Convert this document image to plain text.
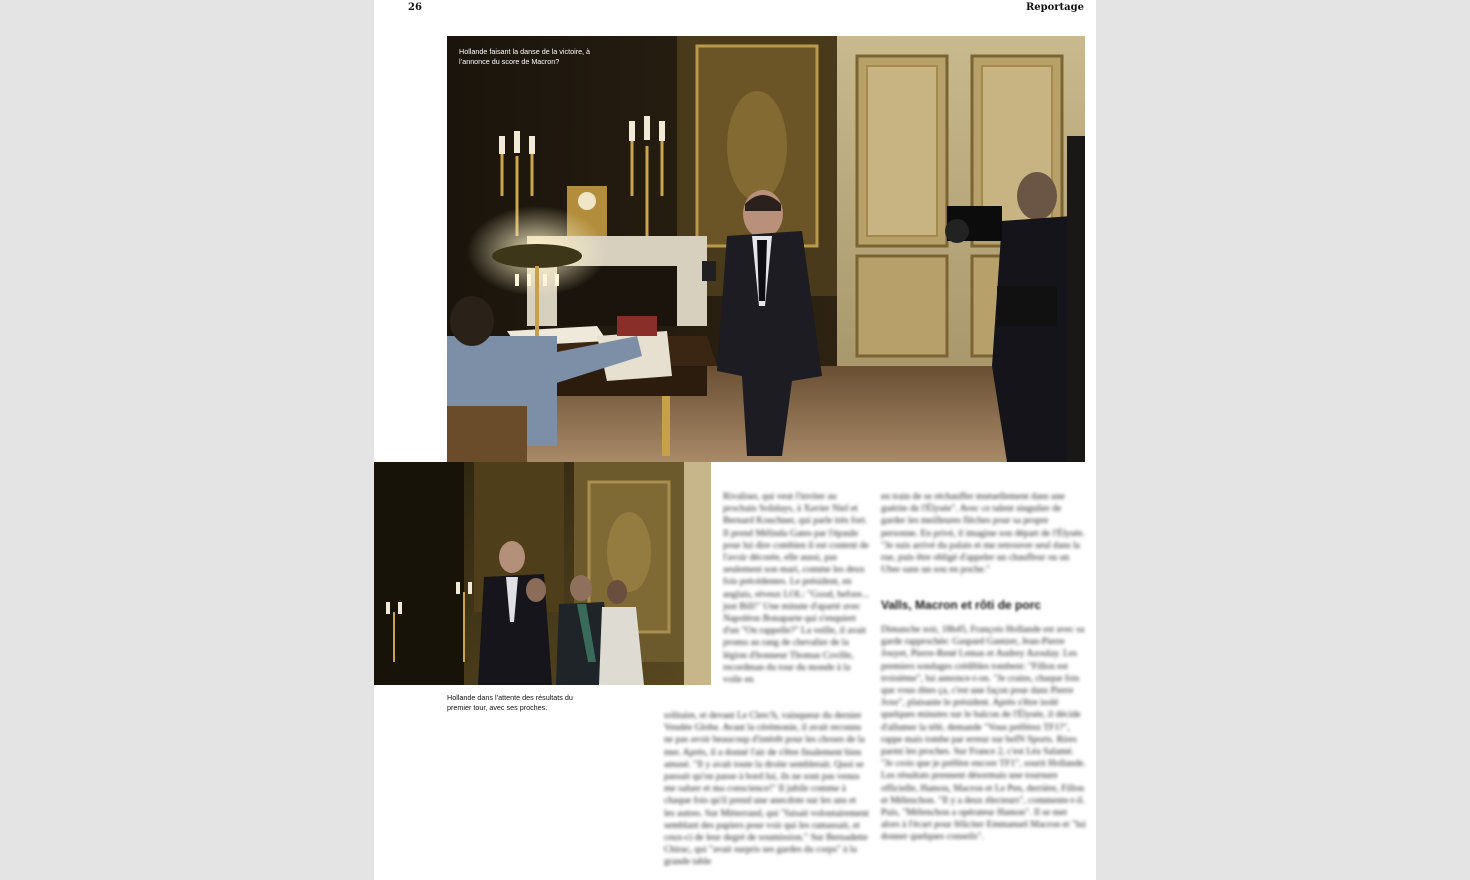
26	Reportage
Hollande faisant la danse de la victoire, à l’annonce du score de Macron?
Hollande dans l’attente des résultats du premier tour, avec ses proches.

Rivaliser, qui veut l'inviter au prochain Solidays, à Xavier Niel et Bernard Kouchner, qui parle très fort. Il prend Mélinda Gates par l'épaule pour lui dire combien il est content de l'avoir décorée, elle aussi, pas seulement son mari, comme les deux fois précédentes. Le président, en anglais, réveux LOL: "Good, before... just Bill!" Une minute d'aparté avec Napoléon Bonaparte qui s'enquiert d'un "On rappelle?" La veille, il avait promu au rang de chevalier de la légion d'honneur Thomas Coville, recordman du tour du monde à la voile en

solitaire, et devant Le Clerc'h, vainqueur du dernier Vendée Globe. Avant la cérémonie, il avait reconnu ne pas avoir beaucoup d'intérêt pour les choses de la mer. Après, il a donné l'air de s'être finalement bien amusé. "Il y avait toute la droite semblerait. Quoi se passait qu'on passe à bord lui, ils ne sont pas venus me saluer et ma conscience!" Il jubile comme à chaque fois qu'il prend une anecdote sur les uns et les autres. Sur Mitterrand, qui "faisait volontairement semblant des papiers pour voir qui les ramassait, et ceux-ci de leur degré de soumission." Sur Bernadette Chirac, qui "avait surpris ses gardes du corps" à la grande table

en train de se réchauffer mutuellement dans une guérite de l'Élysée". Avec ce talent singulier de garder les meilleures flèches pour sa propre personne. En privé, il imagine son départ de l'Élysée. "Je suis arrivé du palais et me retrouver seul dans la rue, puis être obligé d'appeler un chauffeur ou un Uber sans un sou en poche."

Valls, Macron et rôti de porc

Dimanche soir, 18h45, François Hollande est avec sa garde rapprochée: Gaspard Gantzer, Jean-Pierre Jouyet, Pierre-René Lemas et Audrey Azoulay. Les premiers sondages crédibles tombent: "Fillon est troisième", lui annonce-t-on. "Je crains, chaque fois que vous dites ça, c'est une façon pour dans Pierre Joxe", plaisante le président. Après s'être isolé quelques minutes sur le balcon de l'Élysée, il décide d'allumer la télé, demande "Vous préférez TF1?", rappe mais tombe par erreur sur beIN Sports. Rires parmi les proches. Sur France 2, c'est Léa Salamé. "Je crois que je préfère encore TF1", sourit Hollande. Les résultats prennent désormais une tournure officielle, Hamon, Macron et Le Pen, derrière, Fillon et Mélenchon. "Il y a deux électeurs", commente-t-il. Puis, "Mélenchon a opérateur Hamon". Il se met alors à l'écart pour féliciter Emmanuel Macron et "lui donner quelques conseils".
